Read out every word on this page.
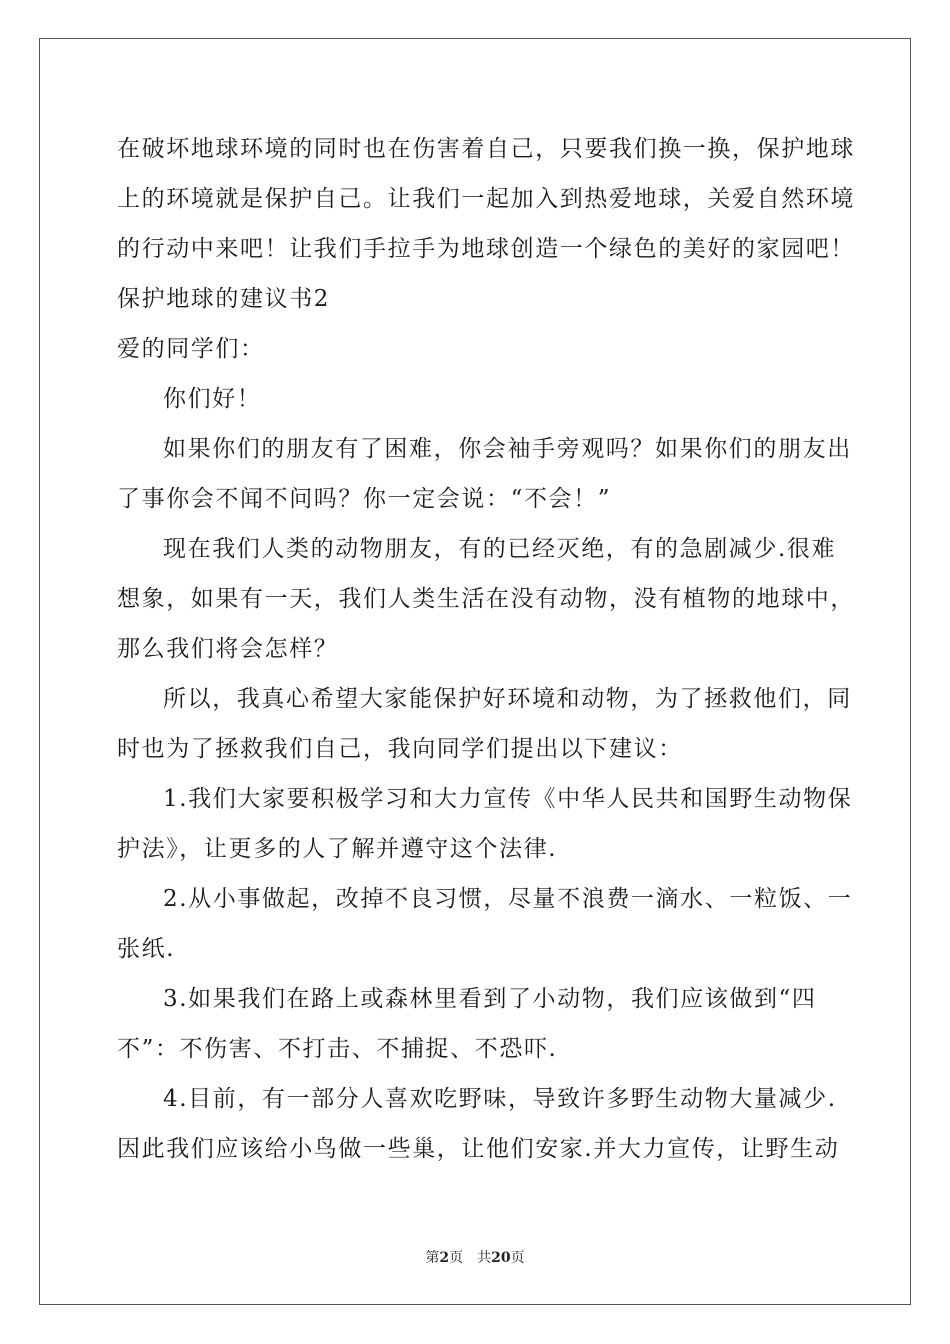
在破坏地球环境的同时也在伤害着自己，只要我们换一换，保护地球
上的环境就是保护自己。让我们一起加入到热爱地球，关爱自然环境
的行动中来吧！让我们手拉手为地球创造一个绿色的美好的家园吧！
保护地球的建议书2
爱的同学们：
你们好！
如果你们的朋友有了困难，你会袖手旁观吗？如果你们的朋友出
了事你会不闻不问吗？你一定会说：“不会！”
现在我们人类的动物朋友，有的已经灭绝，有的急剧减少.很难
想象，如果有一天，我们人类生活在没有动物，没有植物的地球中，
那么我们将会怎样？
所以，我真心希望大家能保护好环境和动物，为了拯救他们，同
时也为了拯救我们自己，我向同学们提出以下建议：
1.我们大家要积极学习和大力宣传《中华人民共和国野生动物保
护法》，让更多的人了解并遵守这个法律.
2.从小事做起，改掉不良习惯，尽量不浪费一滴水、一粒饭、一
张纸.
3.如果我们在路上或森林里看到了小动物，我们应该做到“四
不”：不伤害、不打击、不捕捉、不恐吓.
4.目前，有一部分人喜欢吃野味，导致许多野生动物大量减少.
因此我们应该给小鸟做一些巢，让他们安家.并大力宣传，让野生动
第2页 共20页
